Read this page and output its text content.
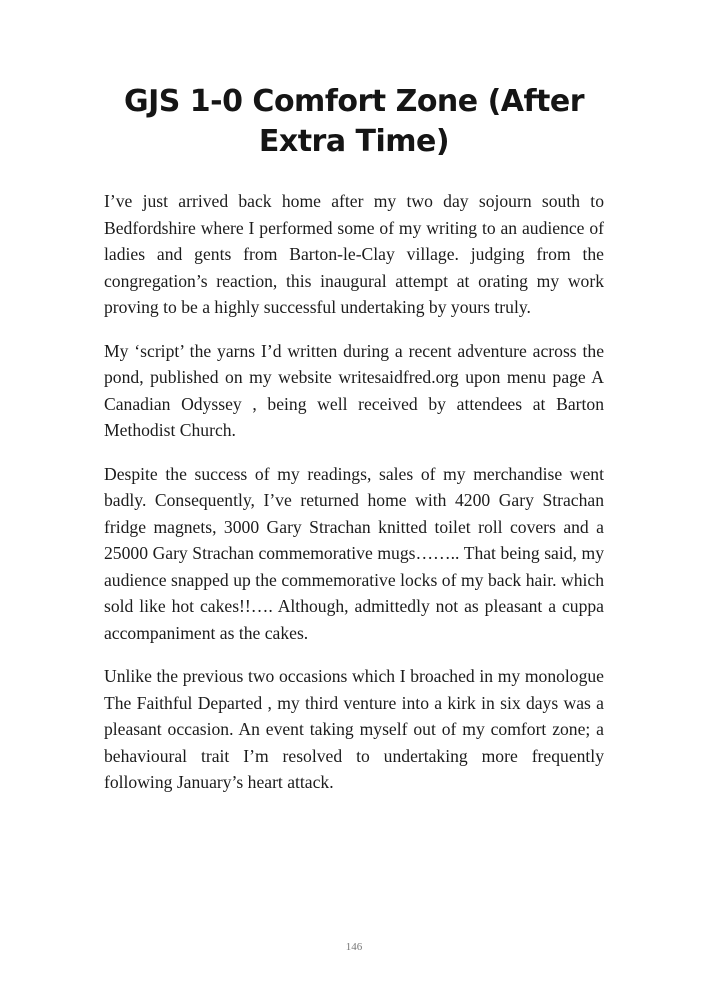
GJS 1-0 Comfort Zone (After Extra Time)

I’ve just arrived back home after my two day sojourn south to Bedfordshire where I performed some of my writing to an audience of ladies and gents from Barton-le-Clay village. judging from the congregation’s reaction, this inaugural attempt at orating my work proving to be a highly successful undertaking by yours truly.

My ‘script’ the yarns I’d written during a recent adventure across the pond, published on my website writesaidfred.org upon menu page A Canadian Odyssey , being well received by attendees at Barton Methodist Church.

Despite the success of my readings, sales of my merchandise went badly. Consequently, I’ve returned home with 4200 Gary Strachan fridge magnets, 3000 Gary Strachan knitted toilet roll covers and a 25000 Gary Strachan commemorative mugs…….. That being said, my audience snapped up the commemorative locks of my back hair. which sold like hot cakes!!…. Although, admittedly not as pleasant a cuppa accompaniment as the cakes.

Unlike the previous two occasions which I broached in my monologue The Faithful Departed , my third venture into a kirk in six days was a pleasant occasion. An event taking myself out of my comfort zone; a behavioural trait I’m resolved to undertaking more frequently following January’s heart attack.

146
